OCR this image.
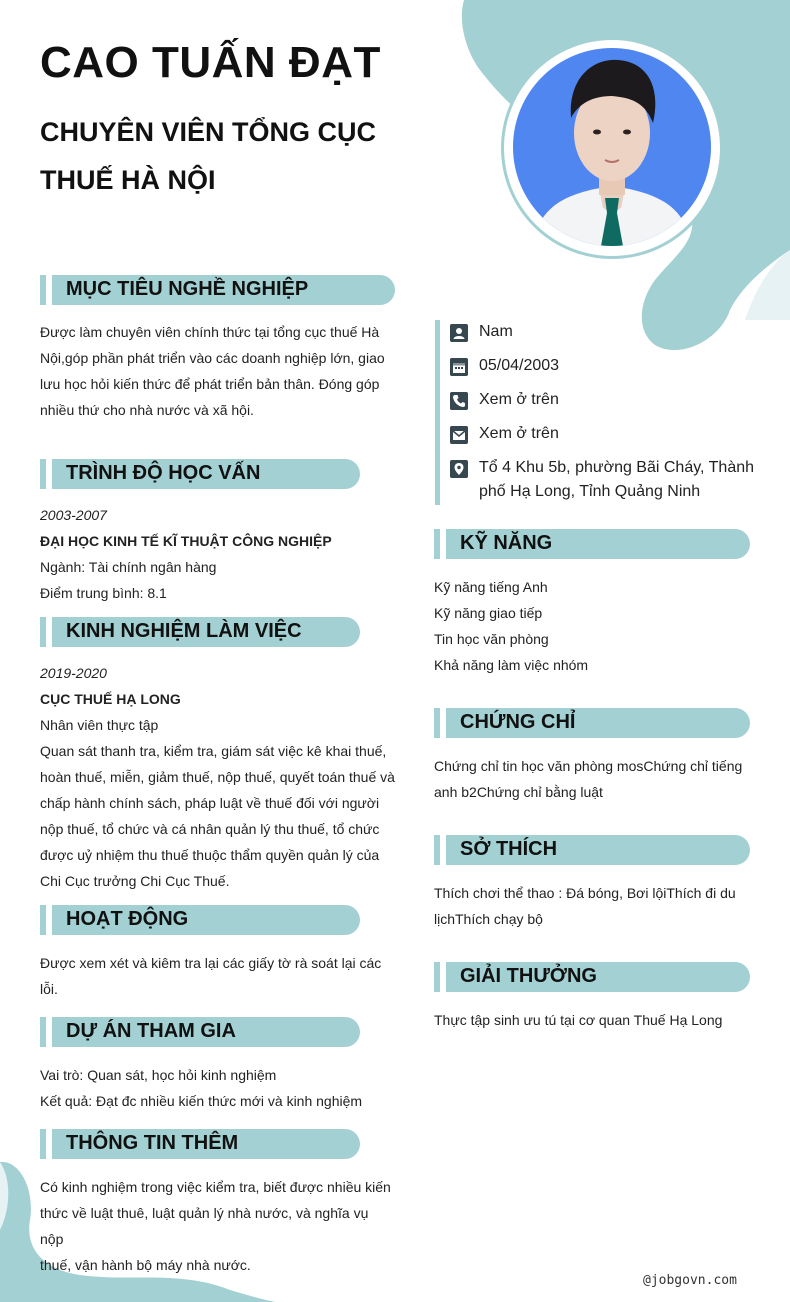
CAO TUẤN ĐẠT
CHUYÊN VIÊN TỔNG CỤC
THUẾ HÀ NỘI
MỤC TIÊU NGHỀ NGHIỆP
Được làm chuyên viên chính thức tại tổng cục thuế Hà
Nội,góp phần phát triển vào các doanh nghiệp lớn, giao
lưu học hỏi kiến thức để phát triển bản thân. Đóng góp
nhiều thứ cho nhà nước và xã hội.
TRÌNH ĐỘ HỌC VẤN
2003-2007
ĐẠI HỌC KINH TẾ KĨ THUẬT CÔNG NGHIỆP
Ngành: Tài chính ngân hàng
Điểm trung bình: 8.1
KINH NGHIỆM LÀM VIỆC
2019-2020
CỤC THUẾ HẠ LONG
Nhân viên thực tập
Quan sát thanh tra, kiểm tra, giám sát việc kê khai thuế,
hoàn thuế, miễn, giảm thuế, nộp thuế, quyết toán thuế và
chấp hành chính sách, pháp luật về thuế đối với người
nộp thuế, tổ chức và cá nhân quản lý thu thuế, tổ chức
được uỷ nhiệm thu thuế thuộc thẩm quyền quản lý của
Chi Cục trưởng Chi Cục Thuế.
HOẠT ĐỘNG
Được xem xét và kiêm tra lại các giấy tờ rà soát lại các
lỗi.
DỰ ÁN THAM GIA
Vai trò: Quan sát, học hỏi kinh nghiệm
Kết quả: Đạt đc nhiều kiến thức mới và kinh nghiệm
THÔNG TIN THÊM
Có kinh nghiệm trong việc kiểm tra, biết được nhiều kiến
thức về luật thuê, luật quản lý nhà nước, và nghĩa vụ nộp
thuế, vận hành bộ máy nhà nước.
Nam
05/04/2003
Xem ở trên
Xem ở trên
Tổ 4 Khu 5b, phường Bãi Cháy, Thành
phố Hạ Long, Tỉnh Quảng Ninh
KỸ NĂNG
Kỹ năng tiếng Anh
Kỹ năng giao tiếp
Tin học văn phòng
Khả năng làm việc nhóm
CHỨNG CHỈ
Chứng chỉ tin học văn phòng mosChứng chỉ tiếng
anh b2Chứng chỉ bằng luật
SỞ THÍCH
Thích chơi thể thao : Đá bóng, Bơi lộiThích đi du
lịchThích chạy bộ
GIẢI THƯỞNG
Thực tập sinh ưu tú tại cơ quan Thuế Hạ Long
@jobgovn.com
